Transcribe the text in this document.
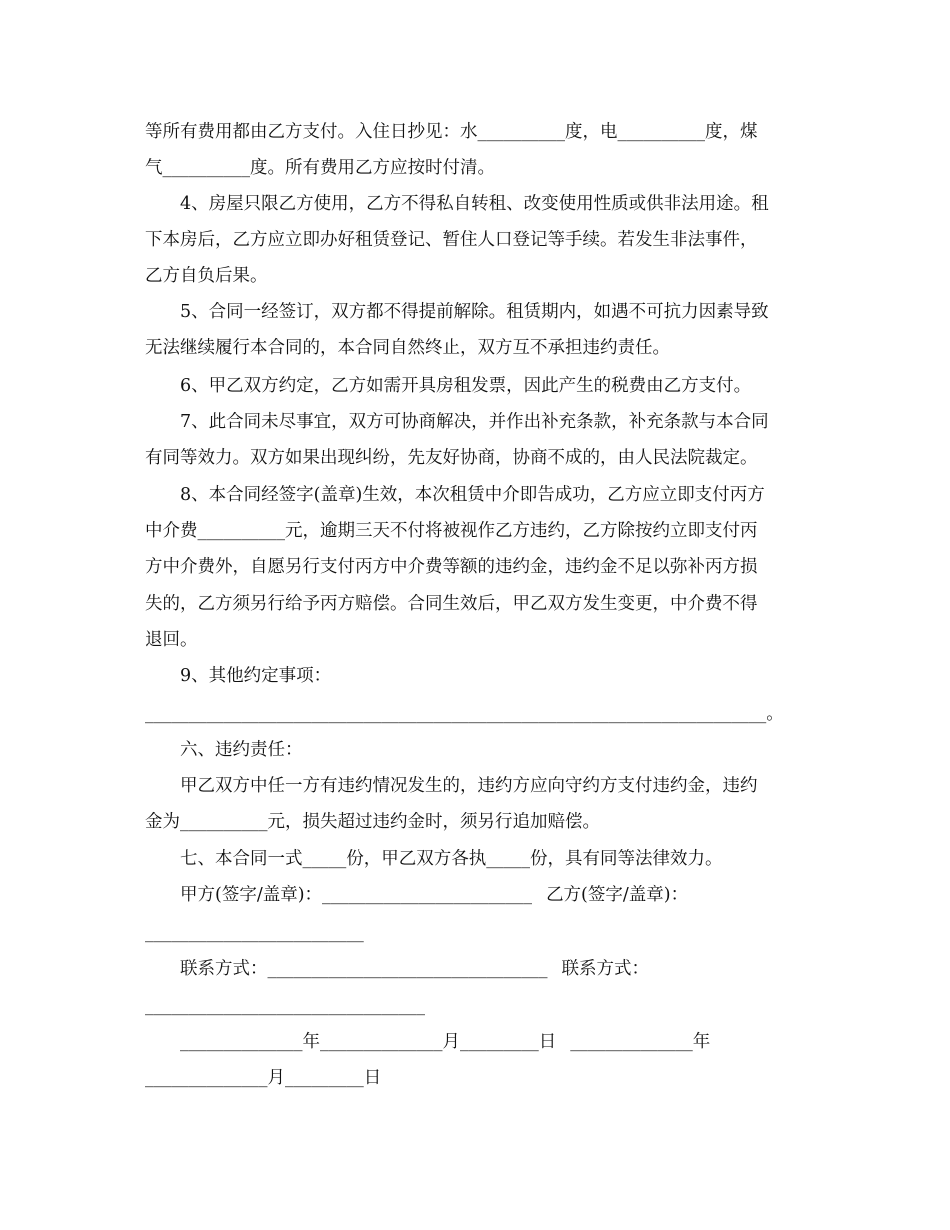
等所有费用都由乙方支付。入住日抄见：水__________度，电__________度，煤
气__________度。所有费用乙方应按时付清。
4、房屋只限乙方使用，乙方不得私自转租、改变使用性质或供非法用途。租
下本房后，乙方应立即办好租赁登记、暂住人口登记等手续。若发生非法事件，
乙方自负后果。
5、合同一经签订，双方都不得提前解除。租赁期内，如遇不可抗力因素导致
无法继续履行本合同的，本合同自然终止，双方互不承担违约责任。
6、甲乙双方约定，乙方如需开具房租发票，因此产生的税费由乙方支付。
7、此合同未尽事宜，双方可协商解决，并作出补充条款，补充条款与本合同
有同等效力。双方如果出现纠纷，先友好协商，协商不成的，由人民法院裁定。
8、本合同经签字(盖章)生效，本次租赁中介即告成功，乙方应立即支付丙方
中介费__________元，逾期三天不付将被视作乙方违约，乙方除按约立即支付丙
方中介费外，自愿另行支付丙方中介费等额的违约金，违约金不足以弥补丙方损
失的，乙方须另行给予丙方赔偿。合同生效后，甲乙双方发生变更，中介费不得
退回。
9、其他约定事项：
_______________________________________________________________________。
六、违约责任：
甲乙双方中任一方有违约情况发生的，违约方应向守约方支付违约金，违约
金为__________元，损失超过违约金时，须另行追加赔偿。
七、本合同一式_____份，甲乙双方各执_____份，具有同等法律效力。
甲方(签字/盖章)：________________________ 乙方(签字/盖章)：
_________________________
联系方式：________________________________ 联系方式：
________________________________
______________年______________月_________日 ______________年
______________月_________日
